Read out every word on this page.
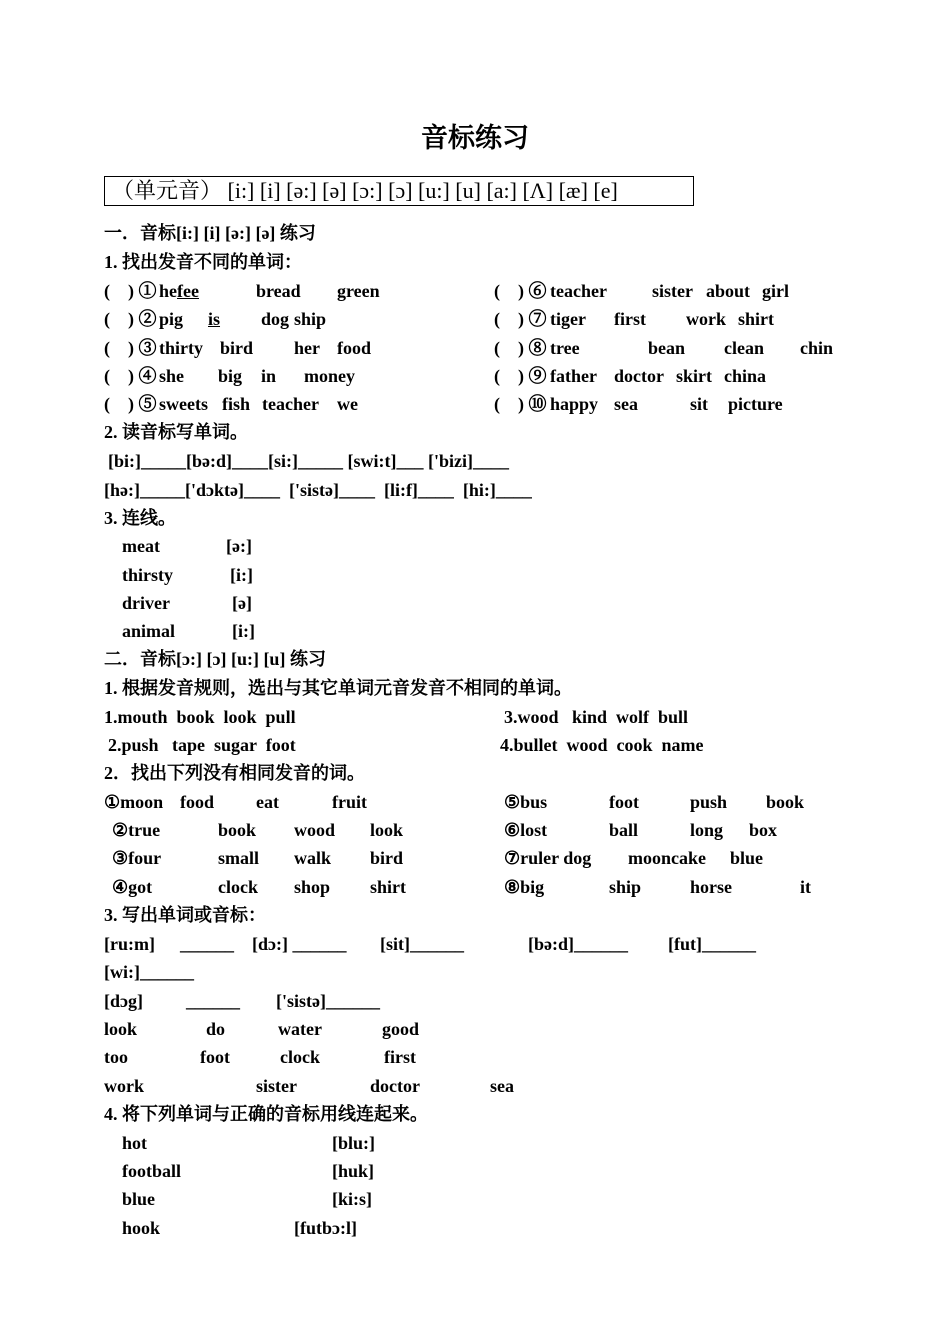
音标练习
（单元音） [i:] [i] [ə:] [ə] [ɔ:] [ɔ] [u:] [u] [a:] [Λ] [æ] [e]
一．音标[i:] [i] [ə:] [ə] 练习
1. 找出发音不同的单词：
(　) ① hefee	bread green
(　) ② pig is dog ship
(　) ③ thirty bird her food
(　) ④ she big in money
(　) ⑤ sweets fish teacher we
(　) ⑥ teacher	sister about girl
(　) ⑦ tiger first work shirt
(　) ⑧ tree	bean clean chin
(　) ⑨ father doctor skirt china
(　) ⑩ happy sea	sit picture
2. 读音标写单词。
[bi:]_____[bə:d]____[si:]_____ [swi:t]___ ['bizi]____
[hə:]_____['dɔktə]____  ['sistə]____  [li:f]____  [hi:]____
3. 连线。
meat	[ə:]
thirsty	[i:]
driver	[ə]
animal	[i:]
二．音标[ɔ:] [ɔ] [u:] [u] 练习
1. 根据发音规则，选出与其它单词元音发音不相同的单词。
1.mouth  book  look  pull	3.wood   kind  wolf  bull
2.push   tape  sugar  foot	4.bullet  wood  cook  name
2．找出下列没有相同发音的词。
①moon food eat	fruit
②true	book wood look
③four	small walk bird
④got	clock shop shirt
⑤bus	foot	push book
⑥lost	ball	long box
⑦ruler dog mooncake blue
⑧big	ship	horse	it
3. 写出单词或音标：
[ru:m] ______ [dɔ:] ______ [sit]______	[bə:d]______ [fut]______
[wi:]______
[dɔg] ______ ['sistə]______
look	do	water	good
too	foot	clock	first
work	sister	doctor	sea
4. 将下列单词与正确的音标用线连起来。
hot	[blu:]
football	[huk]
blue	[ki:s]
hook	[futbɔ:l]
